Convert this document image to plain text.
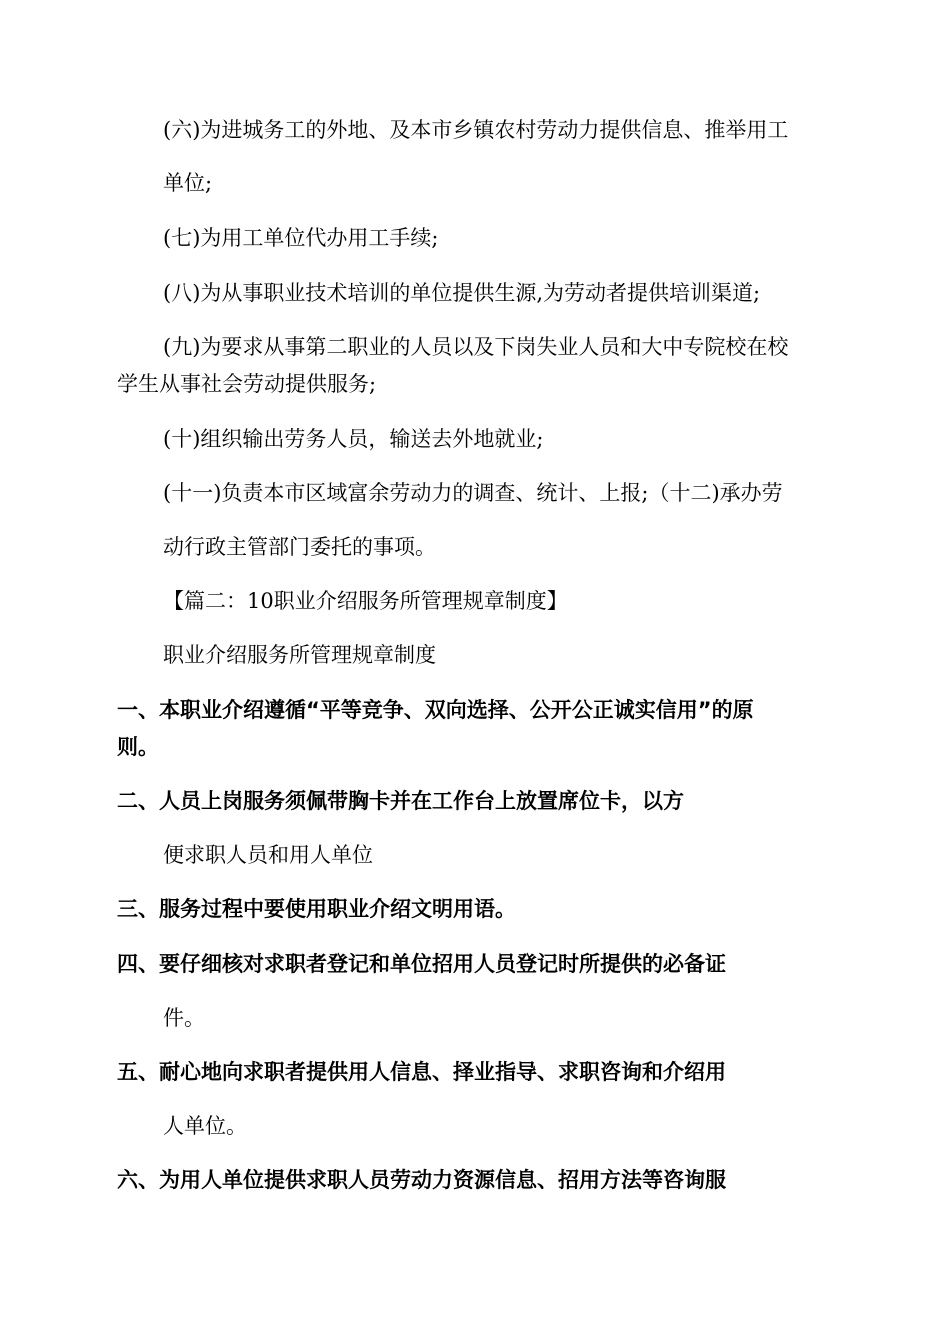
(六)为进城务工的外地、及本市乡镇农村劳动力提供信息、推举用工

单位;

(七)为用工单位代办用工手续;

(八)为从事职业技术培训的单位提供生源,为劳动者提供培训渠道;

(九)为要求从事第二职业的人员以及下岗失业人员和大中专院校在校

学生从事社会劳动提供服务;

(十)组织输出劳务人员，输送去外地就业;

(十一)负责本市区域富余劳动力的调查、统计、上报;（十二)承办劳

动行政主管部门委托的事项。

【篇二：10职业介绍服务所管理规章制度】

职业介绍服务所管理规章制度

一、本职业介绍遵循“平等竞争、双向选择、公开公正诚实信用”的原

则。

二、人员上岗服务须佩带胸卡并在工作台上放置席位卡，以方

便求职人员和用人单位

三、服务过程中要使用职业介绍文明用语。

四、要仔细核对求职者登记和单位招用人员登记时所提供的必备证

件。

五、耐心地向求职者提供用人信息、择业指导、求职咨询和介绍用

人单位。

六、为用人单位提供求职人员劳动力资源信息、招用方法等咨询服
